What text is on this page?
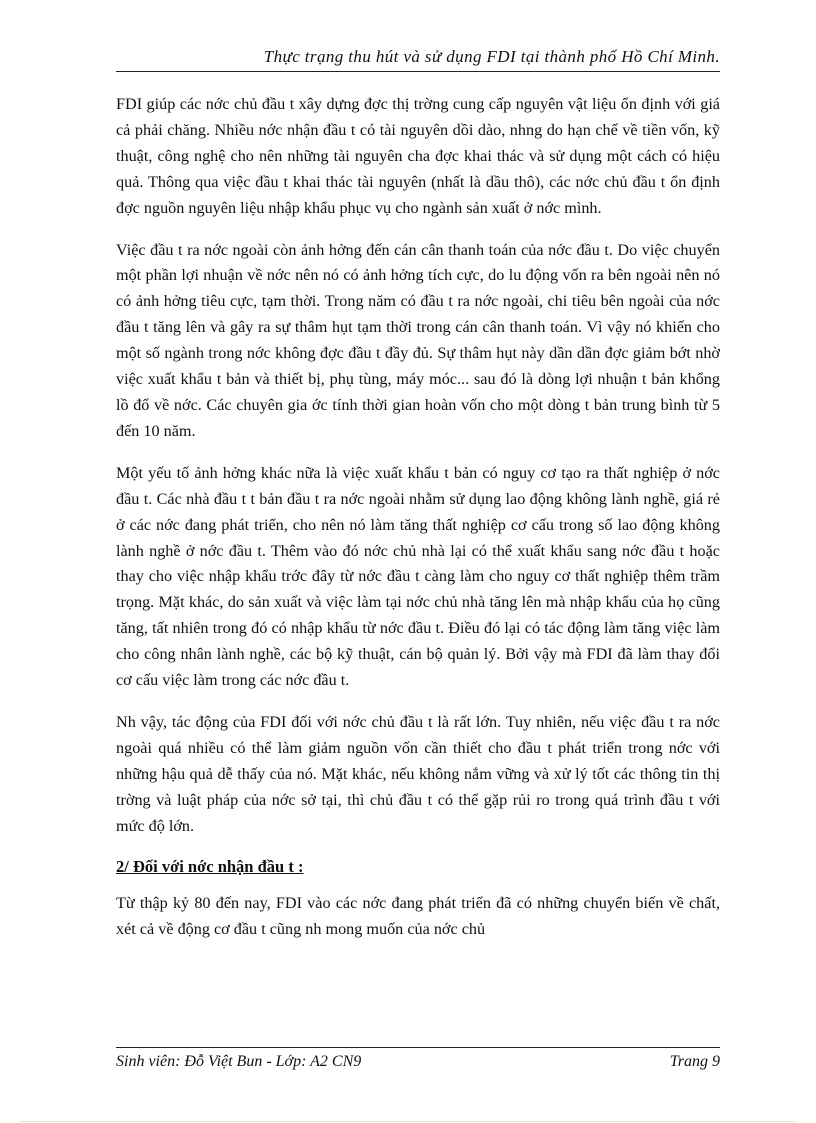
Thực trạng thu hút và sử dụng FDI tại thành phố Hồ Chí Minh.

FDI giúp các nớc chủ đầu t xây dựng đợc thị trờng cung cấp nguyên vật liệu ổn định với giá cả phải chăng. Nhiều nớc nhận đầu t có tài nguyên dồi dào, nhng do hạn chế về tiền vốn, kỹ thuật, công nghệ cho nên những tài nguyên cha đợc khai thác và sử dụng một cách có hiệu quả. Thông qua việc đầu t khai thác tài nguyên (nhất là dầu thô), các nớc chủ đầu t ổn định đợc nguồn nguyên liệu nhập khẩu phục vụ cho ngành sản xuất ở nớc mình.

Việc đầu t ra nớc ngoài còn ảnh hởng đến cán cân thanh toán của nớc đầu t. Do việc chuyển một phần lợi nhuận về nớc nên nó có ảnh hởng tích cực, do lu động vốn ra bên ngoài nên nó có ảnh hởng tiêu cực, tạm thời. Trong năm có đầu t ra nớc ngoài, chi tiêu bên ngoài của nớc đầu t tăng lên và gây ra sự thâm hụt tạm thời trong cán cân thanh toán. Vì vậy nó khiến cho một số ngành trong nớc không đợc đầu t đầy đủ. Sự thâm hụt này dần dần đợc giảm bớt nhờ việc xuất khẩu t bản và thiết bị, phụ tùng, máy móc... sau đó là dòng lợi nhuận t bản khổng lồ đổ về nớc. Các chuyên gia ớc tính thời gian hoàn vốn cho một dòng t bản trung bình từ 5 đến 10 năm.

Một yếu tố ảnh hởng khác nữa là việc xuất khẩu t bản có nguy cơ tạo ra thất nghiệp ở nớc đầu t. Các nhà đầu t t bản đầu t ra nớc ngoài nhằm sử dụng lao động không lành nghề, giá rẻ ở các nớc đang phát triển, cho nên nó làm tăng thất nghiệp cơ cấu trong số lao động không lành nghề ở nớc đầu t. Thêm vào đó nớc chủ nhà lại có thể xuất khẩu sang nớc đầu t hoặc thay cho việc nhập khẩu trớc đây từ nớc đầu t càng làm cho nguy cơ thất nghiệp thêm trầm trọng. Mặt khác, do sản xuất và việc làm tại nớc chủ nhà tăng lên mà nhập khẩu của họ cũng tăng, tất nhiên trong đó có nhập khẩu từ nớc đầu t. Điều đó lại có tác động làm tăng việc làm cho công nhân lành nghề, các bộ kỹ thuật, cán bộ quản lý. Bởi vậy mà FDI đã làm thay đổi cơ cấu việc làm trong các nớc đầu t.

Nh vậy, tác động của FDI đối với nớc chủ đầu t là rất lớn. Tuy nhiên, nếu việc đầu t ra nớc ngoài quá nhiều có thể làm giảm nguồn vốn cần thiết cho đầu t phát triển trong nớc với những hậu quả dễ thấy của nó. Mặt khác, nếu không nắm vững và xử lý tốt các thông tin thị trờng và luật pháp của nớc sở tại, thì chủ đầu t có thể gặp rủi ro trong quá trình đầu t với mức độ lớn.

2/ Đối với nớc nhận đầu t :

Từ thập kỷ 80 đến nay, FDI vào các nớc đang phát triển đã có những chuyển biến về chất, xét cả về động cơ đầu t cũng nh mong muốn của nớc chủ

Sinh viên: Đỗ Việt Bun - Lớp: A2 CN9	Trang 9
